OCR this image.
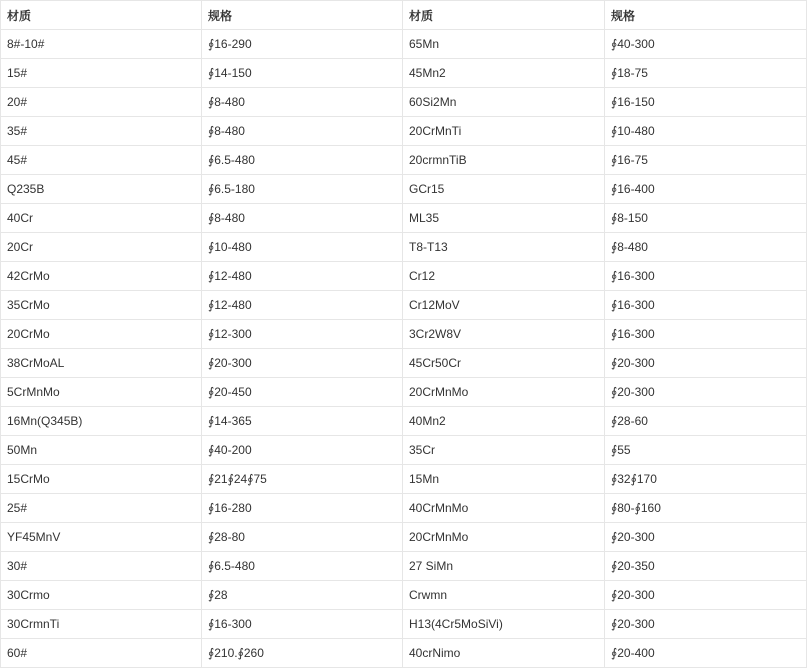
材质	规格	材质	规格
8#-10#	∮16-290	65Mn	∮40-300
15#	∮14-150	45Mn2	∮18-75
20#	∮8-480	60Si2Mn	∮16-150
35#	∮8-480	20CrMnTi	∮10-480
45#	∮6.5-480	20crmnTiB	∮16-75
Q235B	∮6.5-180	GCr15	∮16-400
40Cr	∮8-480	ML35	∮8-150
20Cr	∮10-480	T8-T13	∮8-480
42CrMo	∮12-480	Cr12	∮16-300
35CrMo	∮12-480	Cr12MoV	∮16-300
20CrMo	∮12-300	3Cr2W8V	∮16-300
38CrMoAL	∮20-300	45Cr50Cr	∮20-300
5CrMnMo	∮20-450	20CrMnMo	∮20-300
16Mn(Q345B)	∮14-365	40Mn2	∮28-60
50Mn	∮40-200	35Cr	∮55
15CrMo	∮21∮24∮75	15Mn	∮32∮170
25#	∮16-280	40CrMnMo	∮80-∮160
YF45MnV	∮28-80	20CrMnMo	∮20-300
30#	∮6.5-480	27 SiMn	∮20-350
30Crmo	∮28	Crwmn	∮20-300
30CrmnTi	∮16-300	H13(4Cr5MoSiVi)	∮20-300
60#	∮210.∮260	40crNimo	∮20-400
